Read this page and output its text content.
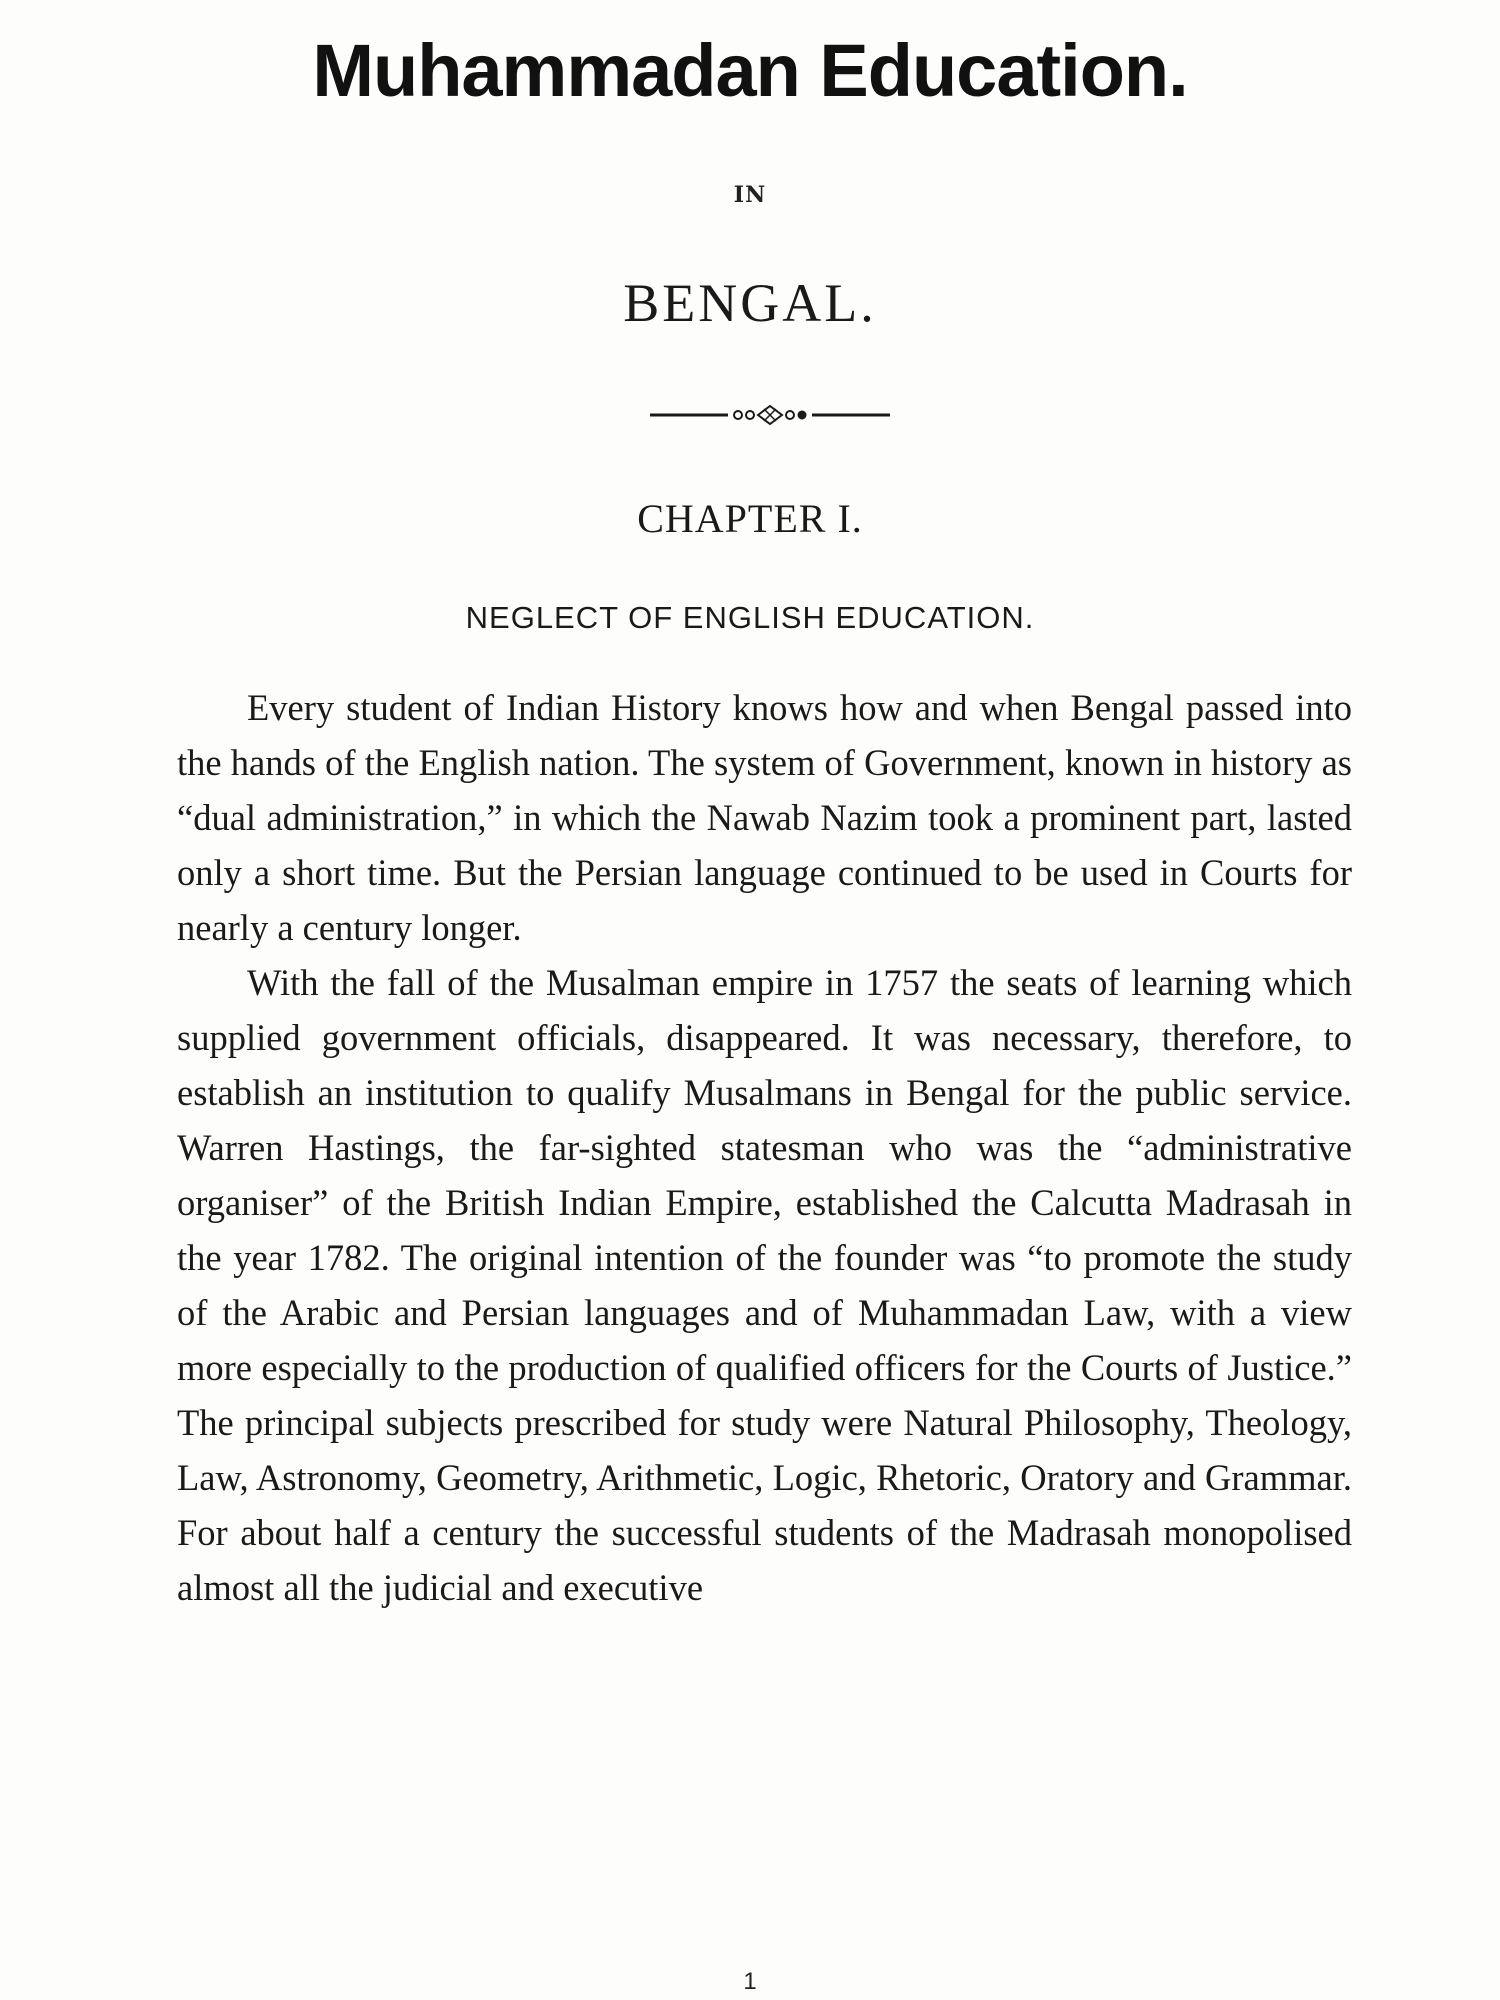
Muhammadan Education.
IN
BENGAL.
CHAPTER I.
NEGLECT OF ENGLISH EDUCATION.

Every student of Indian History knows how and when Bengal passed into the hands of the English nation. The system of Government, known in history as “dual administration,” in which the Nawab Nazim took a prominent part, lasted only a short time. But the Persian language continued to be used in Courts for nearly a century longer.

With the fall of the Musalman empire in 1757 the seats of learning which supplied government officials, disappeared. It was necessary, therefore, to establish an institution to qualify Musalmans in Bengal for the public service. Warren Hastings, the far-sighted statesman who was the “administrative organiser” of the British Indian Empire, established the Calcutta Madrasah in the year 1782. The original intention of the founder was “to promote the study of the Arabic and Persian languages and of Muhammadan Law, with a view more especially to the production of qualified officers for the Courts of Justice.” The principal subjects prescribed for study were Natural Philosophy, Theology, Law, Astronomy, Geometry, Arithmetic, Logic, Rhetoric, Oratory and Grammar. For about half a century the successful students of the Madrasah monopolised almost all the judicial and executive

1
